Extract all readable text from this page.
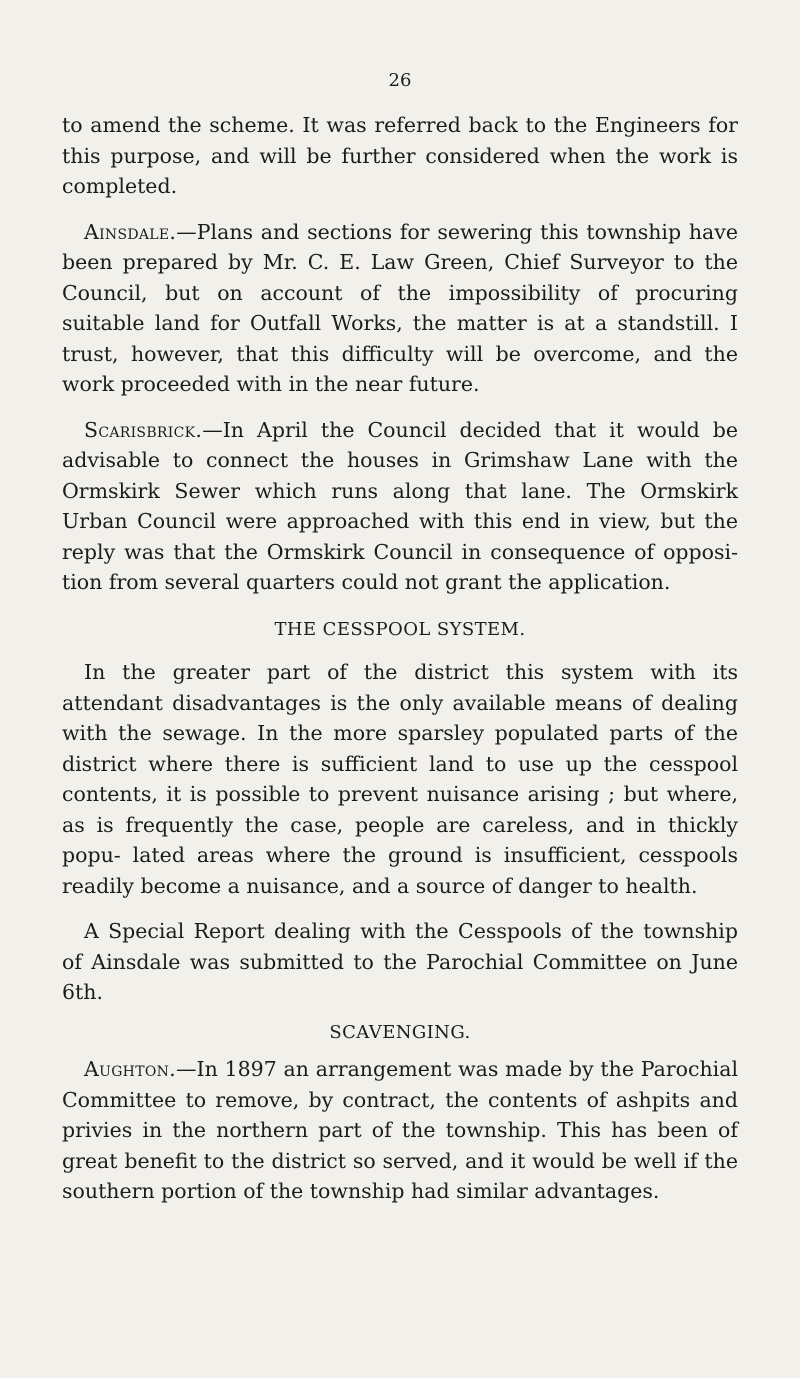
26

to amend the scheme. It was referred back to the Engineers for this purpose, and will be further considered when the work is completed.

Ainsdale.—Plans and sections for sewering this township have been prepared by Mr. C. E. Law Green, Chief Surveyor to the Council, but on account of the impossibility of procuring suitable land for Outfall Works, the matter is at a standstill. I trust, however, that this difficulty will be overcome, and the work proceeded with in the near future.

Scarisbrick.—In April the Council decided that it would be advisable to connect the houses in Grimshaw Lane with the Ormskirk Sewer which runs along that lane. The Ormskirk Urban Council were approached with this end in view, but the reply was that the Ormskirk Council in consequence of opposi- tion from several quarters could not grant the application.

THE CESSPOOL SYSTEM.

In the greater part of the district this system with its attendant disadvantages is the only available means of dealing with the sewage. In the more sparsley populated parts of the district where there is sufficient land to use up the cesspool contents, it is possible to prevent nuisance arising ; but where, as is frequently the case, people are careless, and in thickly popu- lated areas where the ground is insufficient, cesspools readily become a nuisance, and a source of danger to health.

A Special Report dealing with the Cesspools of the township of Ainsdale was submitted to the Parochial Committee on June 6th.

SCAVENGING.

Aughton.—In 1897 an arrangement was made by the Parochial Committee to remove, by contract, the contents of ashpits and privies in the northern part of the township. This has been of great benefit to the district so served, and it would be well if the southern portion of the township had similar advantages.
